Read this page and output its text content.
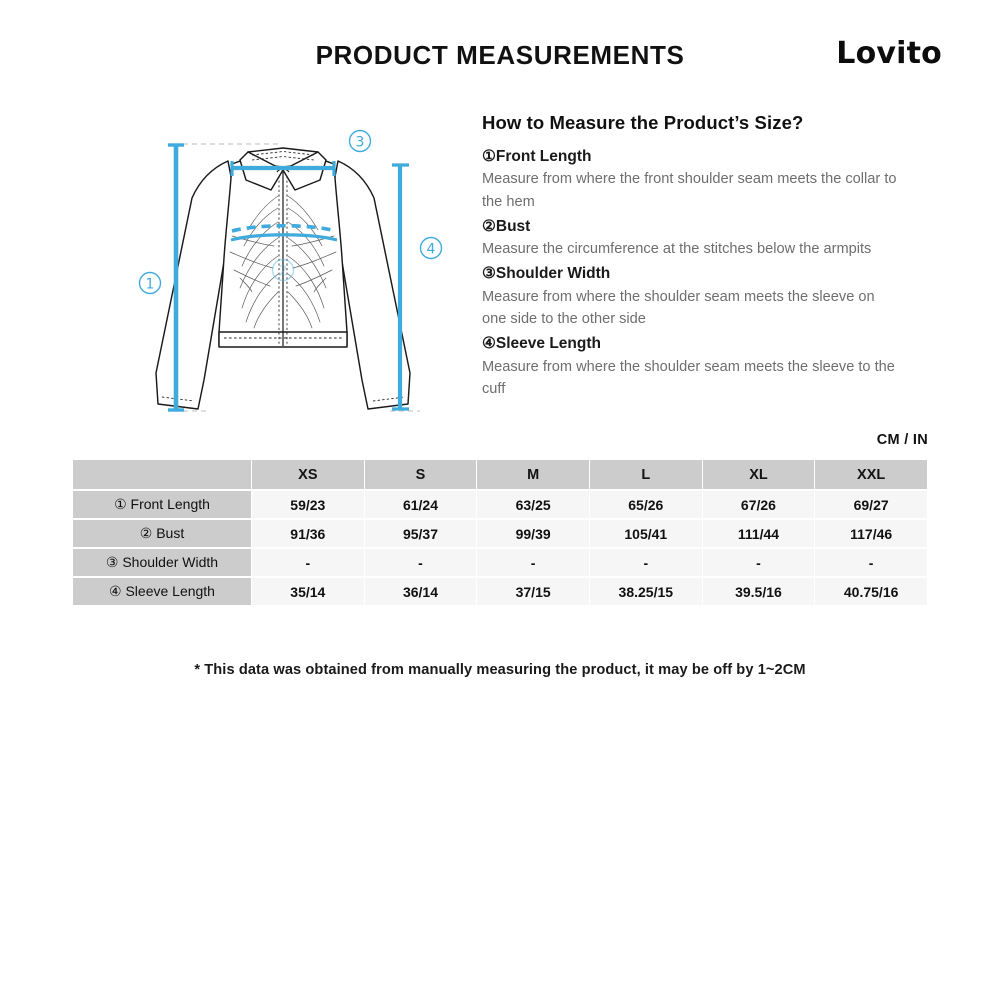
PRODUCT MEASUREMENTS	Lovito
1
3
4
2
How to Measure the Product’s Size?

①Front Length

Measure from where the front shoulder seam meets the collar to the hem

②Bust

Measure the circumference at the stitches below the armpits

③Shoulder Width

Measure from where the shoulder seam meets the sleeve on one side to the other side

④Sleeve Length

Measure from where the shoulder seam meets the sleeve to the cuff

CM / IN
	XS	S	M	L	XL	XXL
① Front Length	59/23	61/24	63/25	65/26	67/26	69/27
② Bust	91/36	95/37	99/39	105/41	111/44	117/46
③ Shoulder Width	-	-	-	-	-	-
④ Sleeve Length	35/14	36/14	37/15	38.25/15	39.5/16	40.75/16
* This data was obtained from manually measuring the product, it may be off by 1~2CM
